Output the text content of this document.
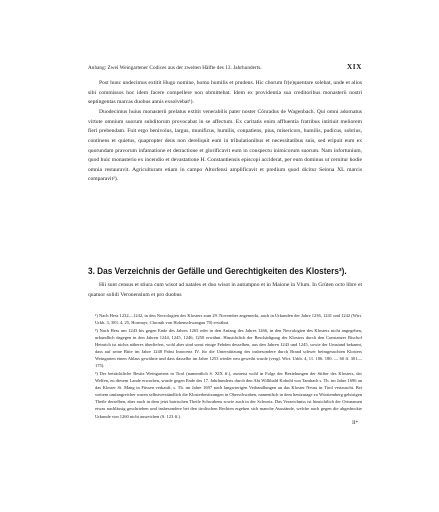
Anhang: Zwei Weingartener Codices aus der zweiten Hälfte des 13. Jahrhunderts.	XIX

Post hunc undecimus extitit Hugo nomine, homo humilis et prudens. Hic chorum fr(e)quentare solebat, unde et alios sibi commissos hoc idem facere compellere non obmittebat. Idem ex providentia sua creditoribus monasterii nostri septingentas marcas duobus annis exsolvebat¹).

Duodecimus huius monasterii prelatus extitit venerabilis pater noster Cŏnradus de Wagenbach. Qui omni adornatus virtute omnium suorum subditorum provocabat in se affectum. Ex caritatis enim affluentia fratribus intitiuit meliorem fieri prebendam. Fuit ergo benivolus, largus, munificus, humilis, conpatiens, pius, misericors, humilis, pudicus, sobrius, continens et quietus, quapropter deus non dereliquit eum in tribulationibus et necessitatibus suis, sed eripuit eum ex quorundam pravorum infamatione et detractione et glorificavit eum in conspectu inimicorum suorum. Nam infortunium, quod huic monasterio ex incendio et devastatione H. Constantiensis episcopi acciderat, per eum dominus ut cernitur hodie omnia restauravit. Agriculturam etiam in campo Altorfensi amplificavit et predium quod dicitur Seinna XL marcis comparavit²).

3. Das Verzeichnis der Gefälle und Gerechtigkeiten des Klosters³).

Hii sunt census et stiura cum wisot ad natales et duo wisot in autumpno et in Maione in Vlum. In Grŭten octo libre et quatuor solidi Veronensium et pro duobus

¹) Nach Hess 1232—1242, in den Necrologien des Klosters zum 29. November angemerkt, auch in Urkunden der Jahre 1236, 1241 und 1242 (Wirt. Urkb. 3, 383. 4, 25, Hormayr, Chronik von Hohenschwangau 70) erwähnt.

²) Nach Hess um 1243 bis gegen Ende des Jahres 1265 oder in den Anfang des Jahres 1266, in den Necrologien des Klosters nicht angegeben, urkundlich dagegen in den Jahren 1244, 1245, 1246, 1250 erwähnt. Hinsichtlich der Beschädigung der Klosters durch den Constanzer Bischof Heinrich ist nichts näheres überliefert, wohl aber sind sonst einige Fehden desselben, aus den Jahren 1243 und 1245, sowie der Umstand bekannt, dass auf seine Bitte im Jahre 1248 Pabst Innocenz IV. für die Unterstützung des insbesondere durch Brand schwer beimgesuchten Klosters Weingarten einen Ablass gewährte und dass dasselbe im Jahre 1253 wieder neu geweiht wurde (vergl. Wirt. Urkb. 4, 11. 106. 180. — 60 ff. 301—175).

³) Der beträchtliche Besitz Weingartens in Tirol (namentlich S. XIX ff.), zumeist wohl in Folge der Beziehungen der Stifter des Klosters, der Welfen, zu diesem Lande erworben, wurde gegen Ende des 17. Jahrhunderts durch den Abt Willibald Kobold von Tambach s. Th. im Jahre 1696 an das Kloster St. Mang in Füssen verkauft, s. Th. im Jahre 1697 nach langwierigen Verhandlungen an das Kloster Neuss in Tirol vertauscht. Bei weitem umfangreicher waren selbstverständlich die Klosterbesitzungen in Oberschwaben, namentlich in dem heutzutage zu Württemberg gehörigen Theile derselben, aber auch in dem jetzt bairischen Theile Schwabens sowie auch in der Schweiz. Das Verzeichniss ist hinsichtlich der Ortsnamen etwas nachlässig geschrieben und insbesondere bei den tirolischen Rechten ergeben sich manche Ausstände, welche auch gegen die abgedruckte Urkunde von 1260 nicht ausreichen (S. 123 ff.).

II*
